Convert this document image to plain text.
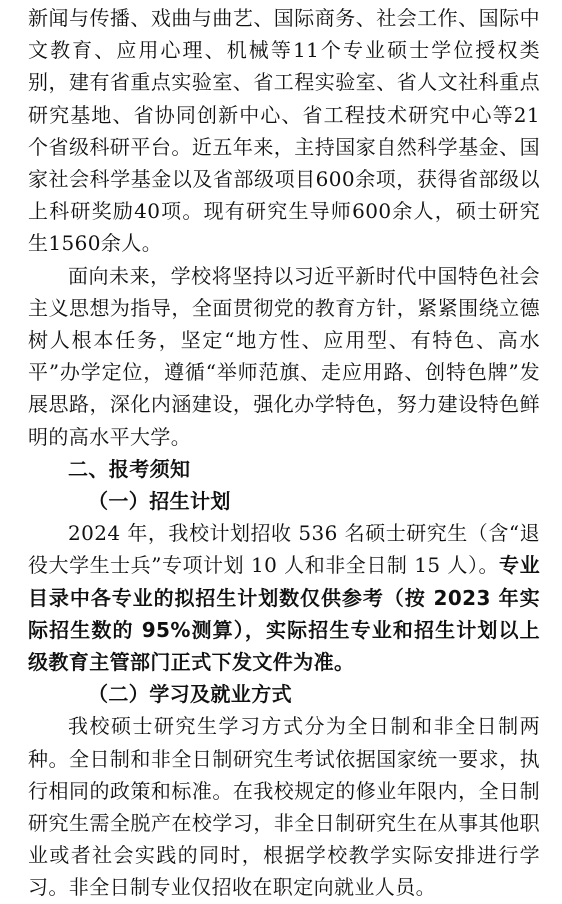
新闻与传播、戏曲与曲艺、国际商务、社会工作、国际中文教育、应用心理、机械等11个专业硕士学位授权类别，建有省重点实验室、省工程实验室、省人文社科重点研究基地、省协同创新中心、省工程技术研究中心等21个省级科研平台。近五年来，主持国家自然科学基金、国家社会科学基金以及省部级项目600余项，获得省部级以上科研奖励40项。现有研究生导师600余人，硕士研究生1560余人。

面向未来，学校将坚持以习近平新时代中国特色社会主义思想为指导，全面贯彻党的教育方针，紧紧围绕立德树人根本任务，坚定“地方性、应用型、有特色、高水平”办学定位，遵循“举师范旗、走应用路、创特色牌”发展思路，深化内涵建设，强化办学特色，努力建设特色鲜明的高水平大学。

二、报考须知

（一）招生计划

2024 年，我校计划招收 536 名硕士研究生（含“退役大学生士兵”专项计划 10 人和非全日制 15 人）。专业目录中各专业的拟招生计划数仅供参考（按 2023 年实际招生数的 95%测算），实际招生专业和招生计划以上级教育主管部门正式下发文件为准。

（二）学习及就业方式

我校硕士研究生学习方式分为全日制和非全日制两种。全日制和非全日制研究生考试依据国家统一要求，执行相同的政策和标准。在我校规定的修业年限内，全日制研究生需全脱产在校学习，非全日制研究生在从事其他职业或者社会实践的同时，根据学校教学实际安排进行学习。非全日制专业仅招收在职定向就业人员。
